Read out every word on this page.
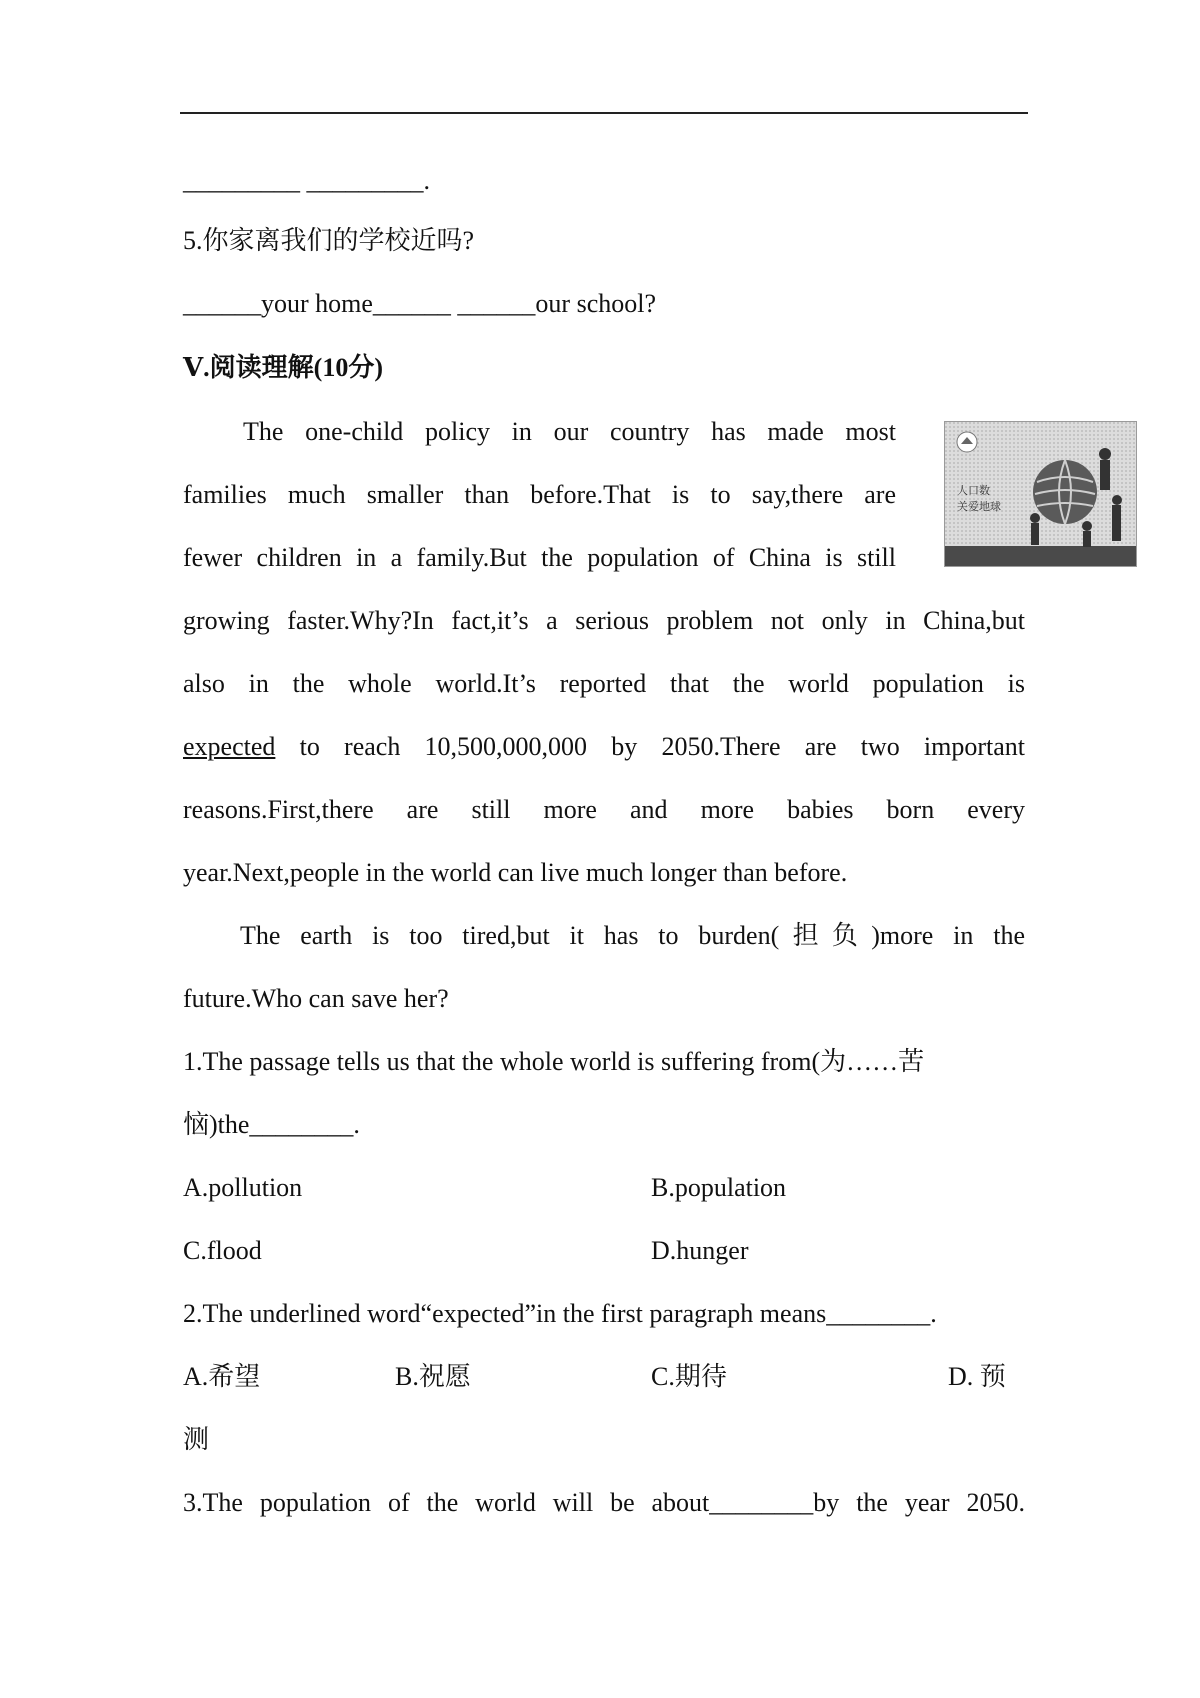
_________ _________.
5.你家离我们的学校近吗?
______your home______ ______our school?
Ⅴ.阅读理解(10分)
The one-child policy in our country has made most
families much smaller than before.That is to say,there are
fewer children in a family.But the population of China is still
growing faster.Why?In fact,it’s a serious problem not only in China,but
also in the whole world.It’s reported that the world population is
expected to reach 10,500,000,000 by 2050.There are two important
reasons.First,there are still more and more babies born every
year.Next,people in the world can live much longer than before.
The earth is too tired,but it has to burden(担负)more in the
future.Who can save her?
人口数
关爱地球
1.The passage tells us that the whole world is suffering from(为……苦
恼)the________.
A.pollution	B.population
C.flood	D.hunger
2.The underlined word“expected”in the first paragraph means________.
A.希望	B.祝愿	C.期待	D. 预
测
3.The population of the world will be about________by the year 2050.
